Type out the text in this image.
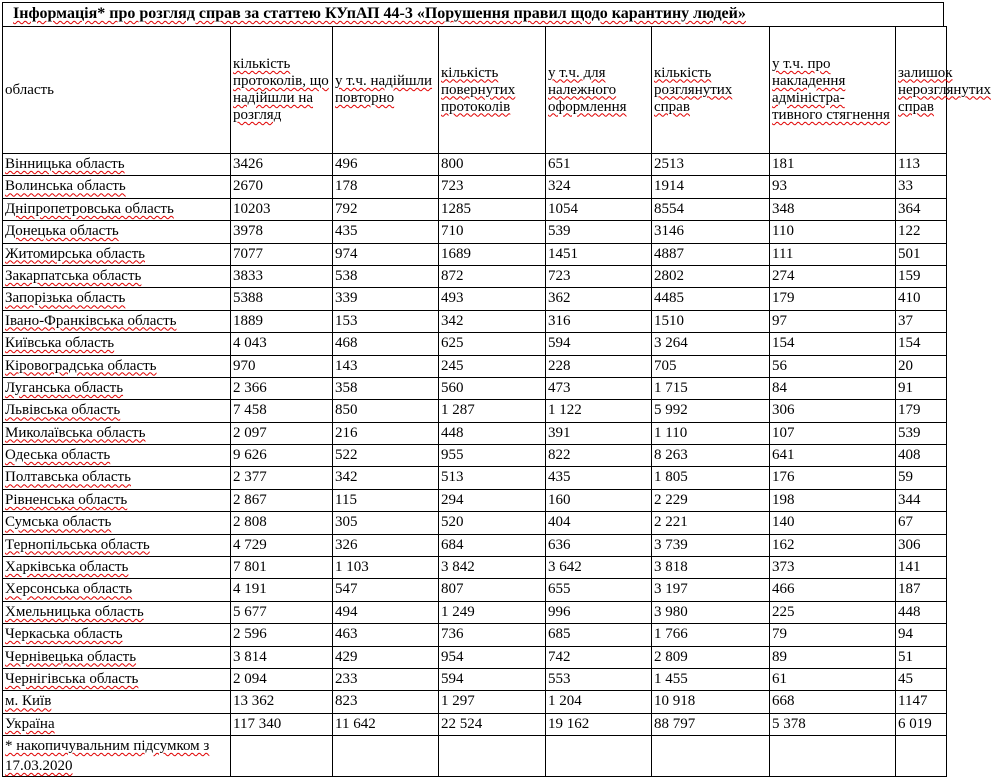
Інформація* про розгляд справ за статтею КУпАП 44-3 «Порушення правил щодо карантину людей»
область	кількість протоколів, що надійшли на розгляд	у т.ч. надійшли повторно	кількість повернутих протоколів	у т.ч. для належного оформлення	кількість розглянутих справ	у т.ч. про накладення адміністра-тивного стягнення	залишок нерозглянутих справ
Вінницька область	3426	496	800	651	2513	181	113
Волинська область	2670	178	723	324	1914	93	33
Дніпропетровська область	10203	792	1285	1054	8554	348	364
Донецька область	3978	435	710	539	3146	110	122
Житомирська область	7077	974	1689	1451	4887	111	501
Закарпатська область	3833	538	872	723	2802	274	159
Запорізька область	5388	339	493	362	4485	179	410
Івано-Франківська область	1889	153	342	316	1510	97	37
Київська область	4 043	468	625	594	3 264	154	154
Кіровоградська область	970	143	245	228	705	56	20
Луганська область	2 366	358	560	473	1 715	84	91
Львівська область	7 458	850	1 287	1 122	5 992	306	179
Миколаївська область	2 097	216	448	391	1 110	107	539
Одеська область	9 626	522	955	822	8 263	641	408
Полтавська область	2 377	342	513	435	1 805	176	59
Рівненська область	2 867	115	294	160	2 229	198	344
Сумська область	2 808	305	520	404	2 221	140	67
Тернопільська область	4 729	326	684	636	3 739	162	306
Харківська область	7 801	1 103	3 842	3 642	3 818	373	141
Херсонська область	4 191	547	807	655	3 197	466	187
Хмельницька область	5 677	494	1 249	996	3 980	225	448
Черкаська область	2 596	463	736	685	1 766	79	94
Чернівецька область	3 814	429	954	742	2 809	89	51
Чернігівська область	2 094	233	594	553	1 455	61	45
м. Київ	13 362	823	1 297	1 204	10 918	668	1147
Україна	117 340	11 642	22 524	19 162	88 797	5 378	6 019
* накопичувальним підсумком з 17.03.2020							
